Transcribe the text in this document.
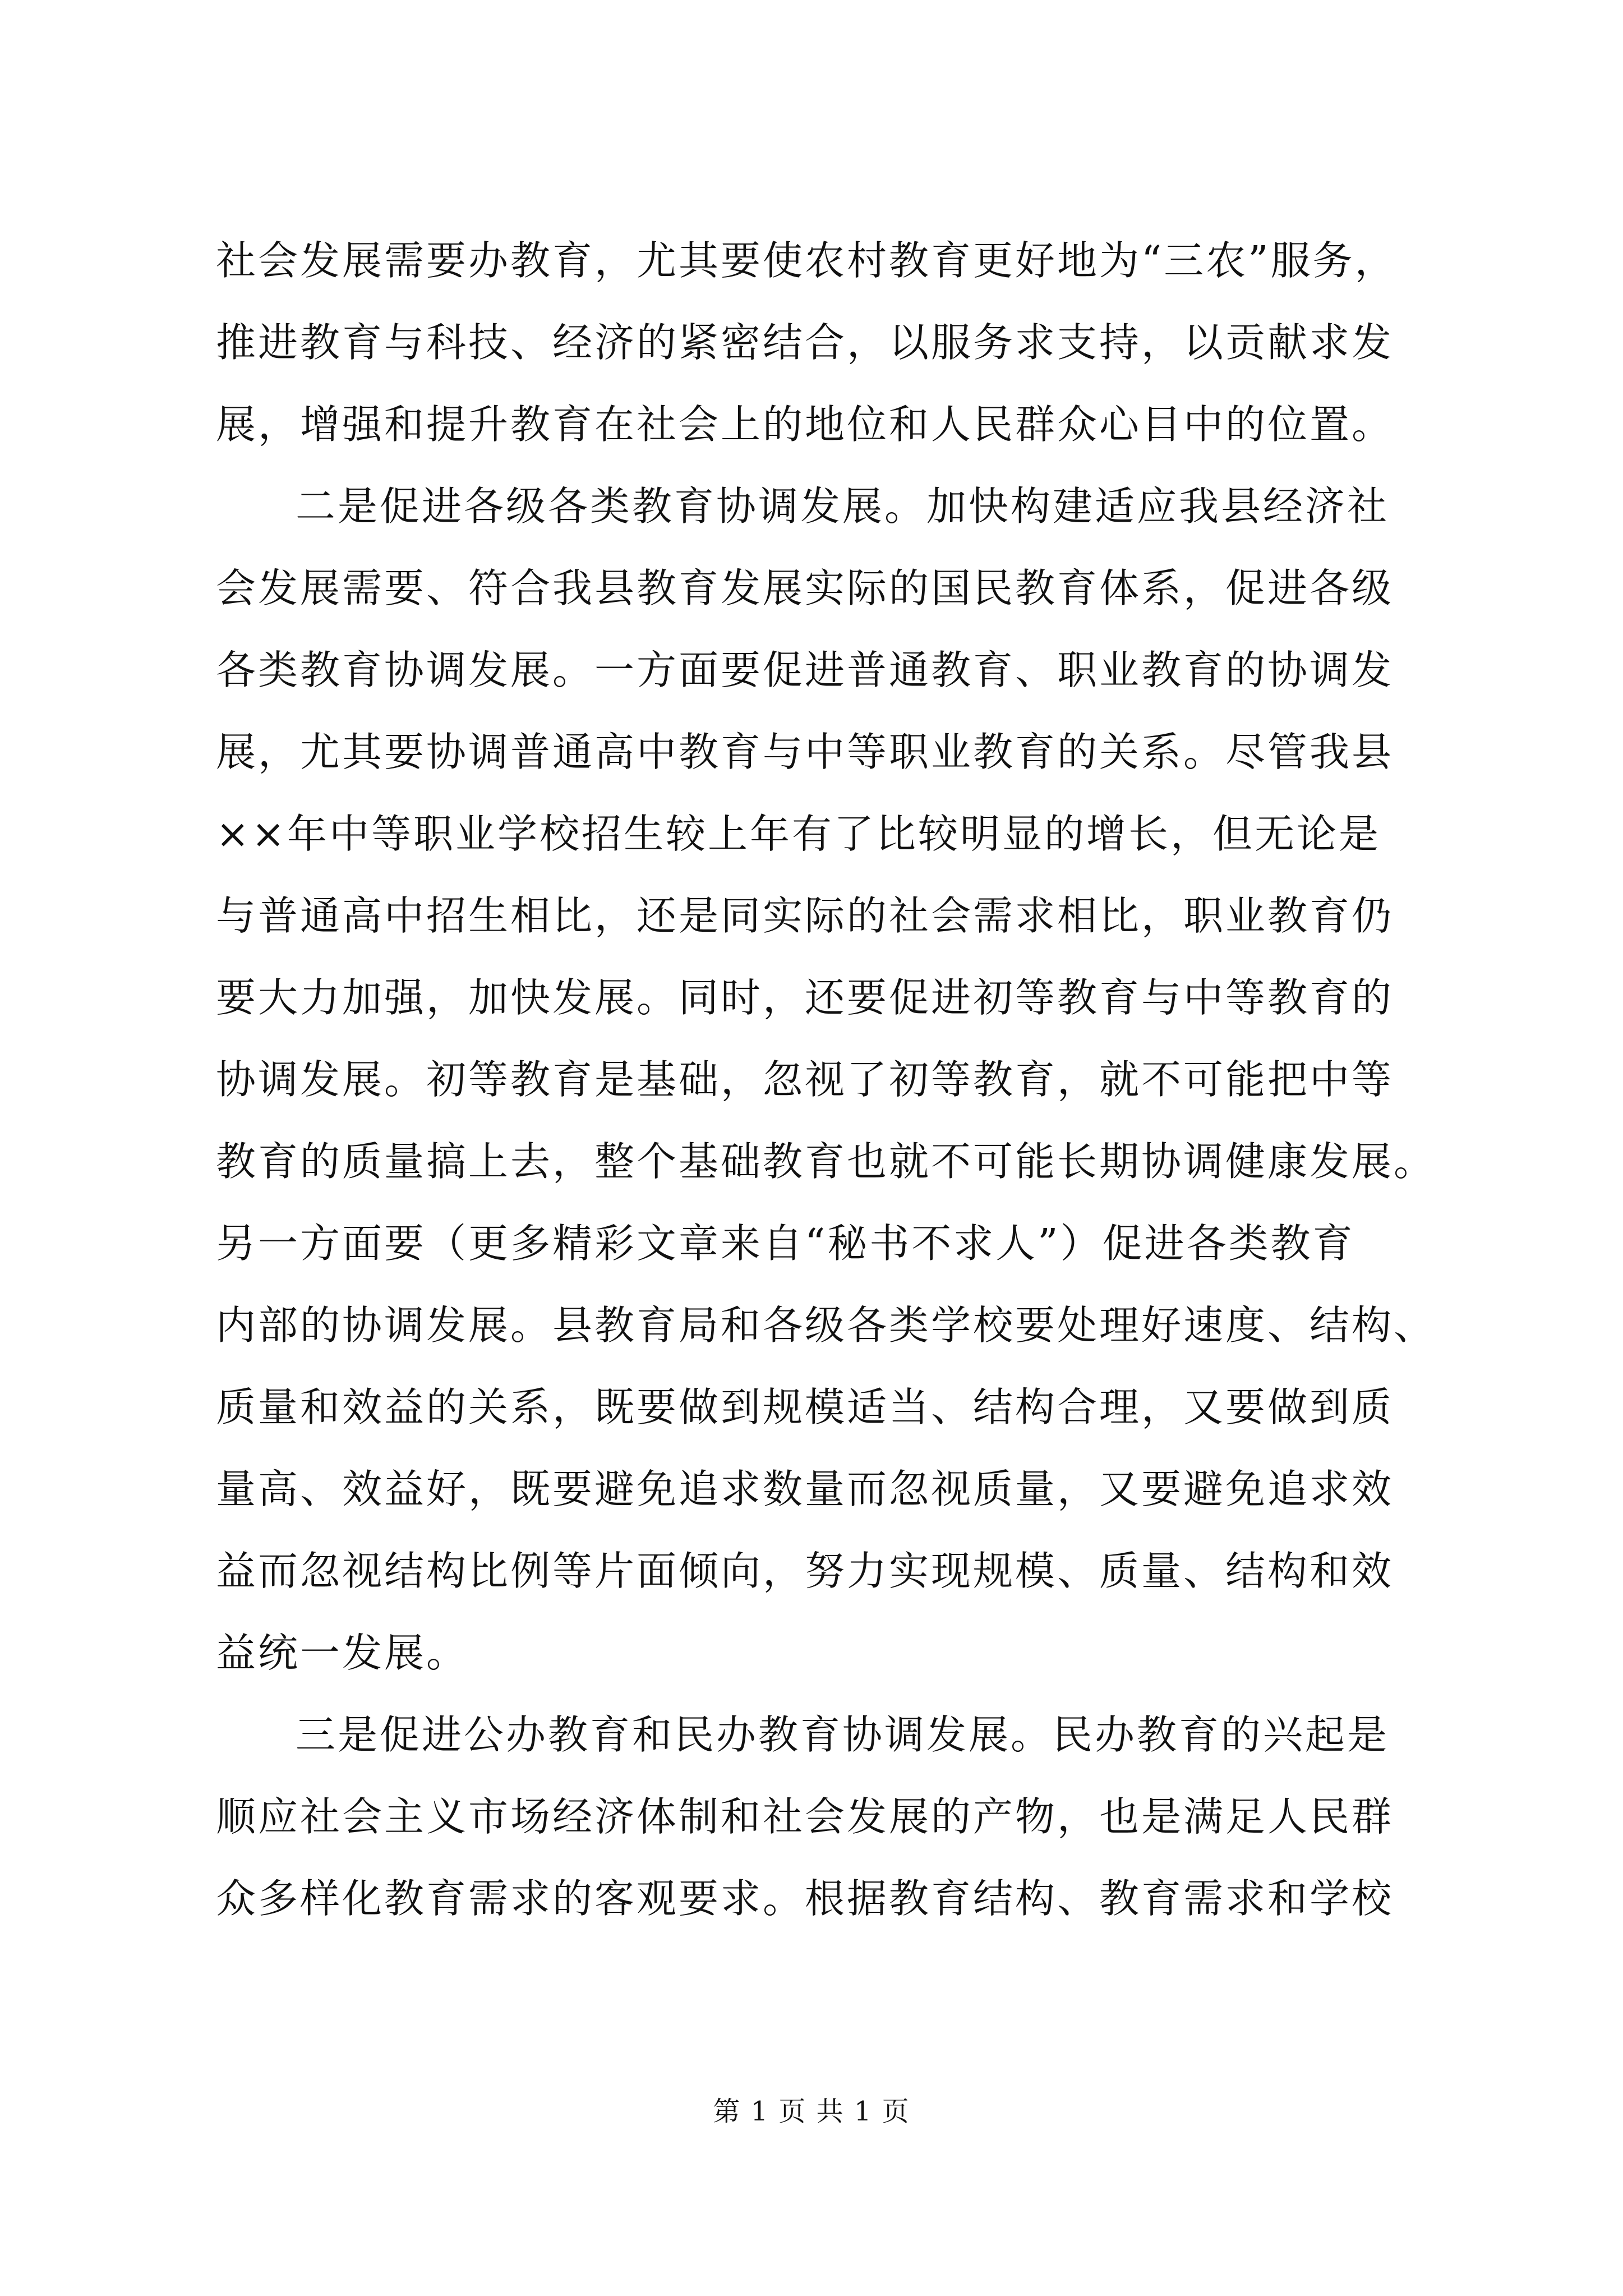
社会发展需要办教育，尤其要使农村教育更好地为“三农”服务，
推进教育与科技、经济的紧密结合，以服务求支持，以贡献求发
展，增强和提升教育在社会上的地位和人民群众心目中的位置。
二是促进各级各类教育协调发展。加快构建适应我县经济社
会发展需要、符合我县教育发展实际的国民教育体系，促进各级
各类教育协调发展。一方面要促进普通教育、职业教育的协调发
展，尤其要协调普通高中教育与中等职业教育的关系。尽管我县
××年中等职业学校招生较上年有了比较明显的增长，但无论是
与普通高中招生相比，还是同实际的社会需求相比，职业教育仍
要大力加强，加快发展。同时，还要促进初等教育与中等教育的
协调发展。初等教育是基础，忽视了初等教育，就不可能把中等
教育的质量搞上去，整个基础教育也就不可能长期协调健康发展。
另一方面要（更多精彩文章来自“秘书不求人”）促进各类教育
内部的协调发展。县教育局和各级各类学校要处理好速度、结构、
质量和效益的关系，既要做到规模适当、结构合理，又要做到质
量高、效益好，既要避免追求数量而忽视质量，又要避免追求效
益而忽视结构比例等片面倾向，努力实现规模、质量、结构和效
益统一发展。
三是促进公办教育和民办教育协调发展。民办教育的兴起是
顺应社会主义市场经济体制和社会发展的产物，也是满足人民群
众多样化教育需求的客观要求。根据教育结构、教育需求和学校
第 1 页 共 1 页
